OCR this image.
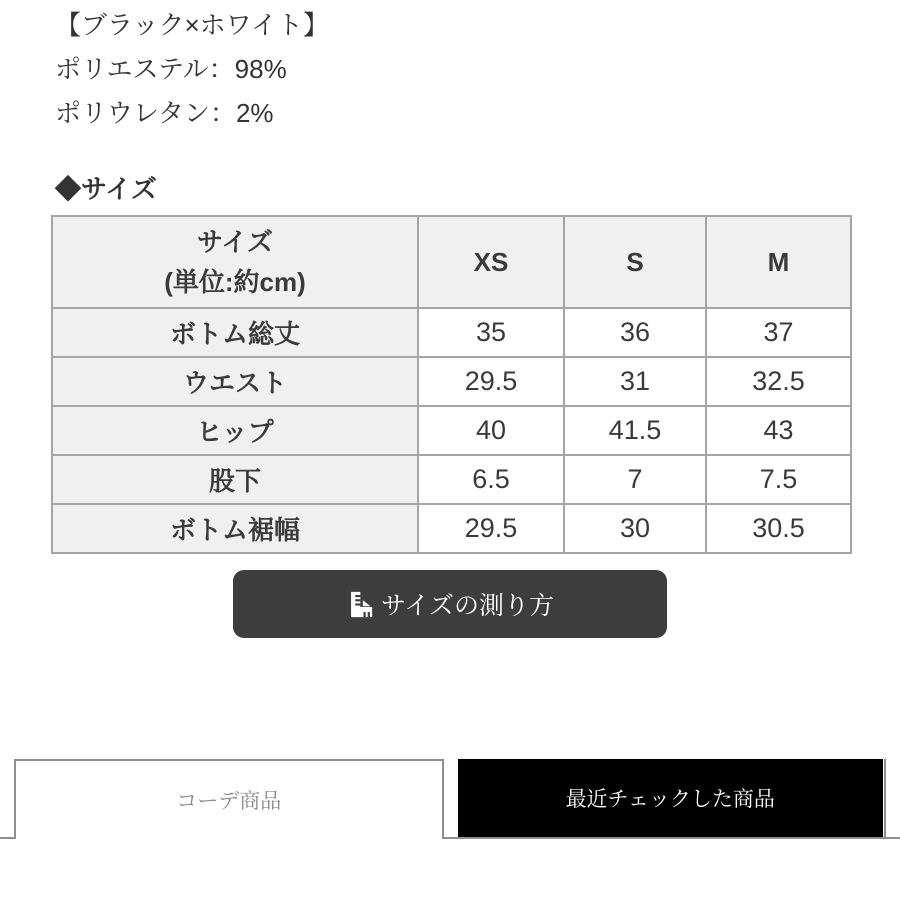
【ブラック×ホワイト】

ポリエステル：98%

ポリウレタン：2%

◆サイズ
サイズ
(単位:約cm)	XS	S	M
ボトム総丈	35	36	37
ウエスト	29.5	31	32.5
ヒップ	40	41.5	43
股下	6.5	7	7.5
ボトム裾幅	29.5	30	30.5
サイズの測り方
コーデ商品	最近チェックした商品
